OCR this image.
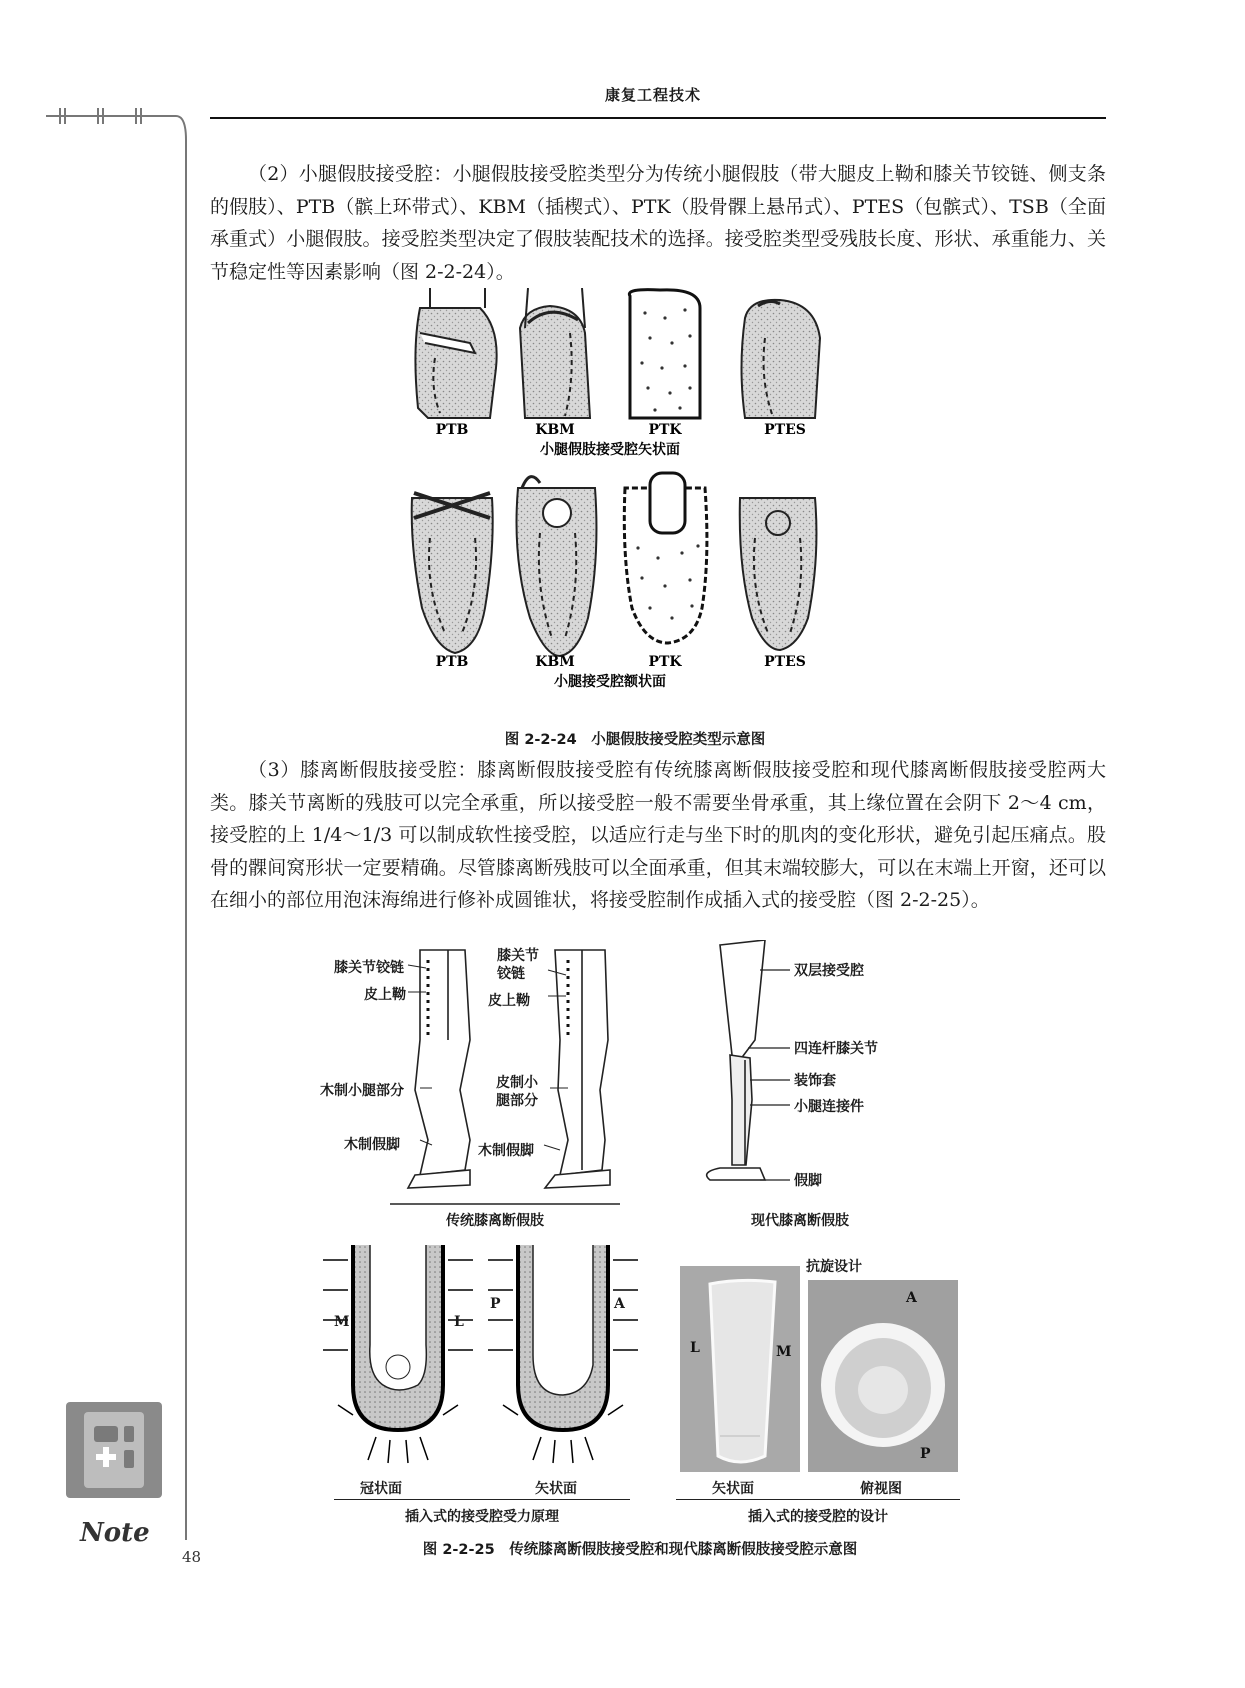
康复工程技术
（2）小腿假肢接受腔：小腿假肢接受腔类型分为传统小腿假肢（带大腿皮上靿和膝关节铰链、侧支条的假肢）、PTB（髌上环带式）、KBM（插楔式）、PTK（股骨髁上悬吊式）、PTES（包髌式）、TSB（全面承重式）小腿假肢。接受腔类型决定了假肢装配技术的选择。接受腔类型受残肢长度、形状、承重能力、关节稳定性等因素影响（图 2-2-24）。
PTB	KBM	PTK	PTES
小腿假肢接受腔矢状面
PTB	KBM	PTK	PTES
小腿接受腔额状面
图 2-2-24　小腿假肢接受腔类型示意图
（3）膝离断假肢接受腔：膝离断假肢接受腔有传统膝离断假肢接受腔和现代膝离断假肢接受腔两大类。膝关节离断的残肢可以完全承重，所以接受腔一般不需要坐骨承重，其上缘位置在会阴下 2～4 cm，接受腔的上 1/4～1/3 可以制成软性接受腔，以适应行走与坐下时的肌肉的变化形状，避免引起压痛点。股骨的髁间窝形状一定要精确。尽管膝离断残肢可以全面承重，但其末端较膨大，可以在末端上开窗，还可以在细小的部位用泡沫海绵进行修补成圆锥状，将接受腔制作成插入式的接受腔（图 2-2-25）。
膝关节铰链
皮上靿
木制小腿部分
木制假脚
膝关节
铰链
皮上靿
皮制小
腿部分
木制假脚
传统膝离断假肢
双层接受腔
四连杆膝关节
装饰套
小腿连接件
假脚
现代膝离断假肢
M	L
P	A
冠状面	矢状面
插入式的接受腔受力原理
L	M
抗旋设计
A
P
矢状面	俯视图
插入式的接受腔的设计
图 2-2-25　传统膝离断假肢接受腔和现代膝离断假肢接受腔示意图
Note
48
